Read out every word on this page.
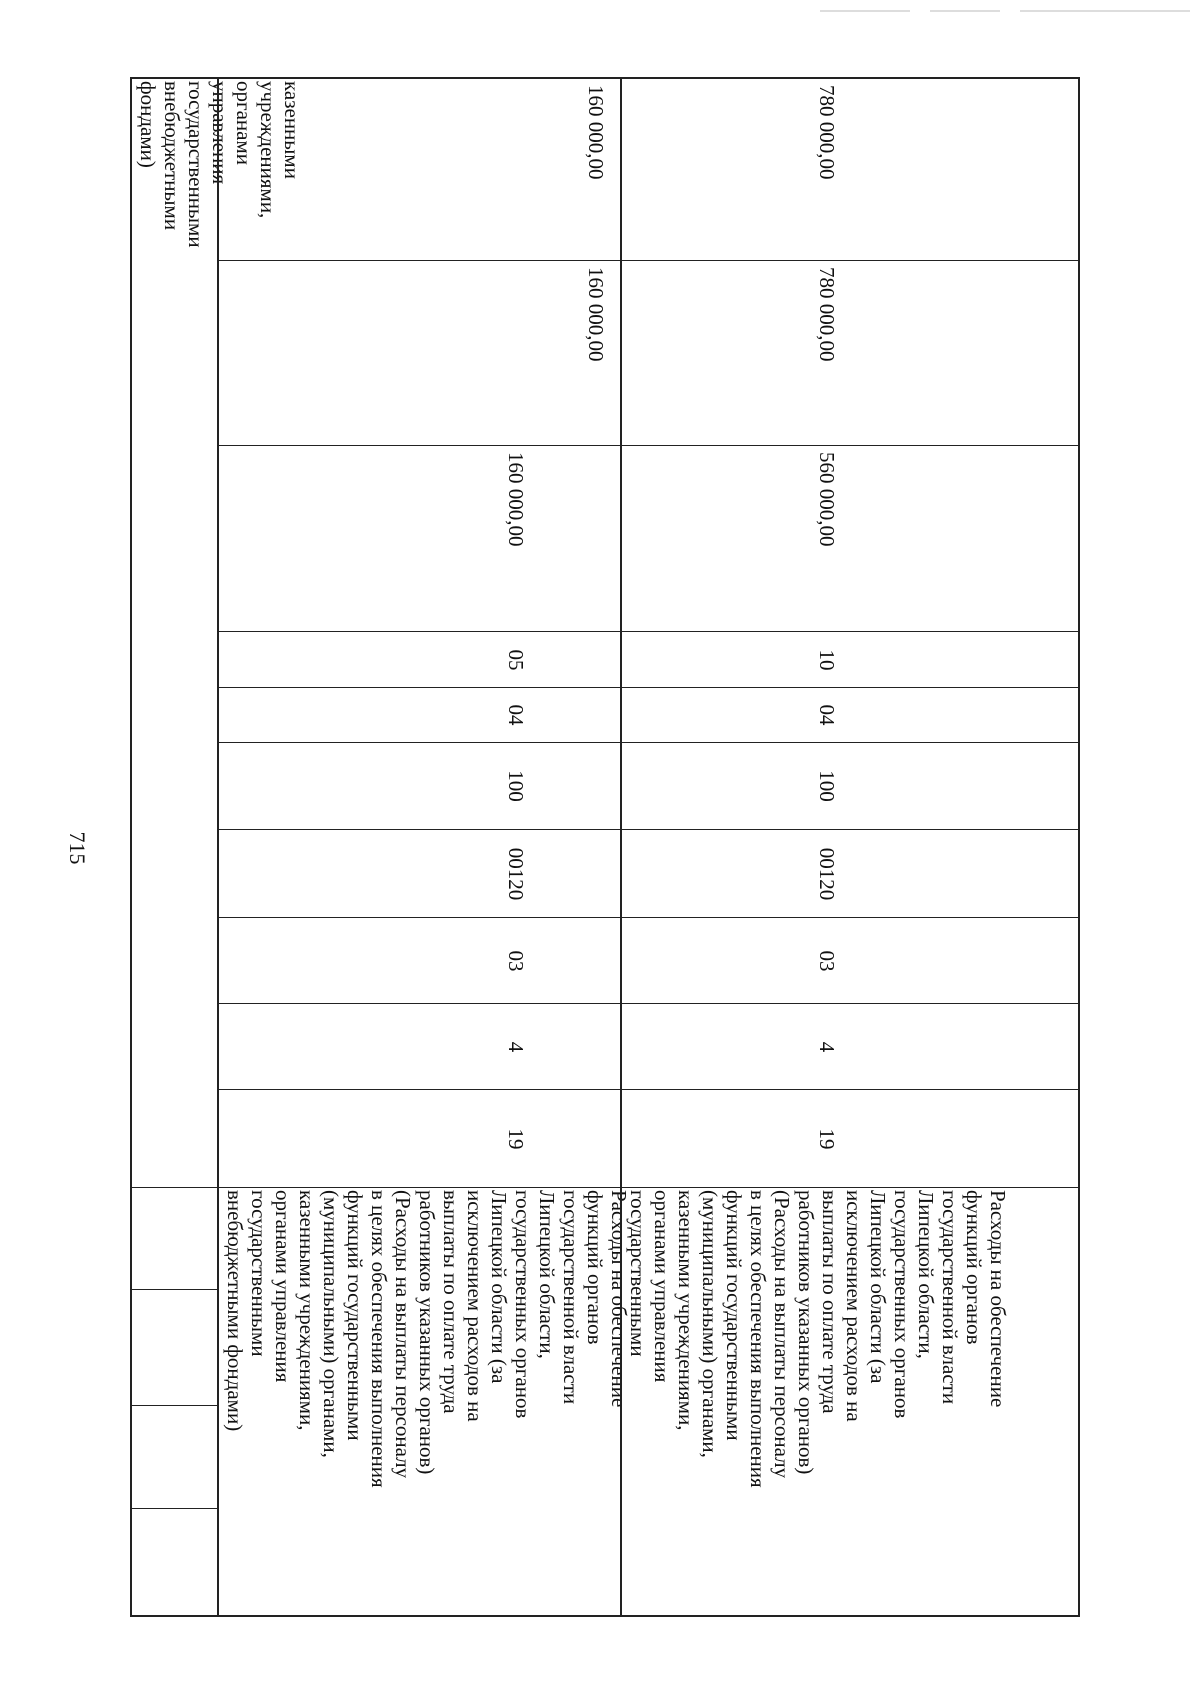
715
казенными учреждениями,
органами управления
государственными
внебюджетными фондами)	160 000,00
160 000,00
160 000,00
05
04
100
00120
03
4
19
Расходы на обеспечение
функций органов
государственной власти
Липецкой области,
государственных органов
Липецкой области (за
исключением расходов на
выплаты по оплате труда
работников указанных органов)
(Расходы на выплаты персоналу
в целях обеспечения выполнения
функций государственными
(муниципальными) органами,
казенными учреждениями,
органами управления
государственными
внебюджетными фондами)
780 000,00
780 000,00
560 000,00
10
04
100
00120
03
4
19
Расходы на обеспечение
функций органов
государственной власти
Липецкой области,
государственных органов
Липецкой области (за
исключением расходов на
выплаты по оплате труда
работников указанных органов)
(Расходы на выплаты персоналу
в целях обеспечения выполнения
функций государственными
(муниципальными) органами,
казенными учреждениями,
органами управления
государственными
